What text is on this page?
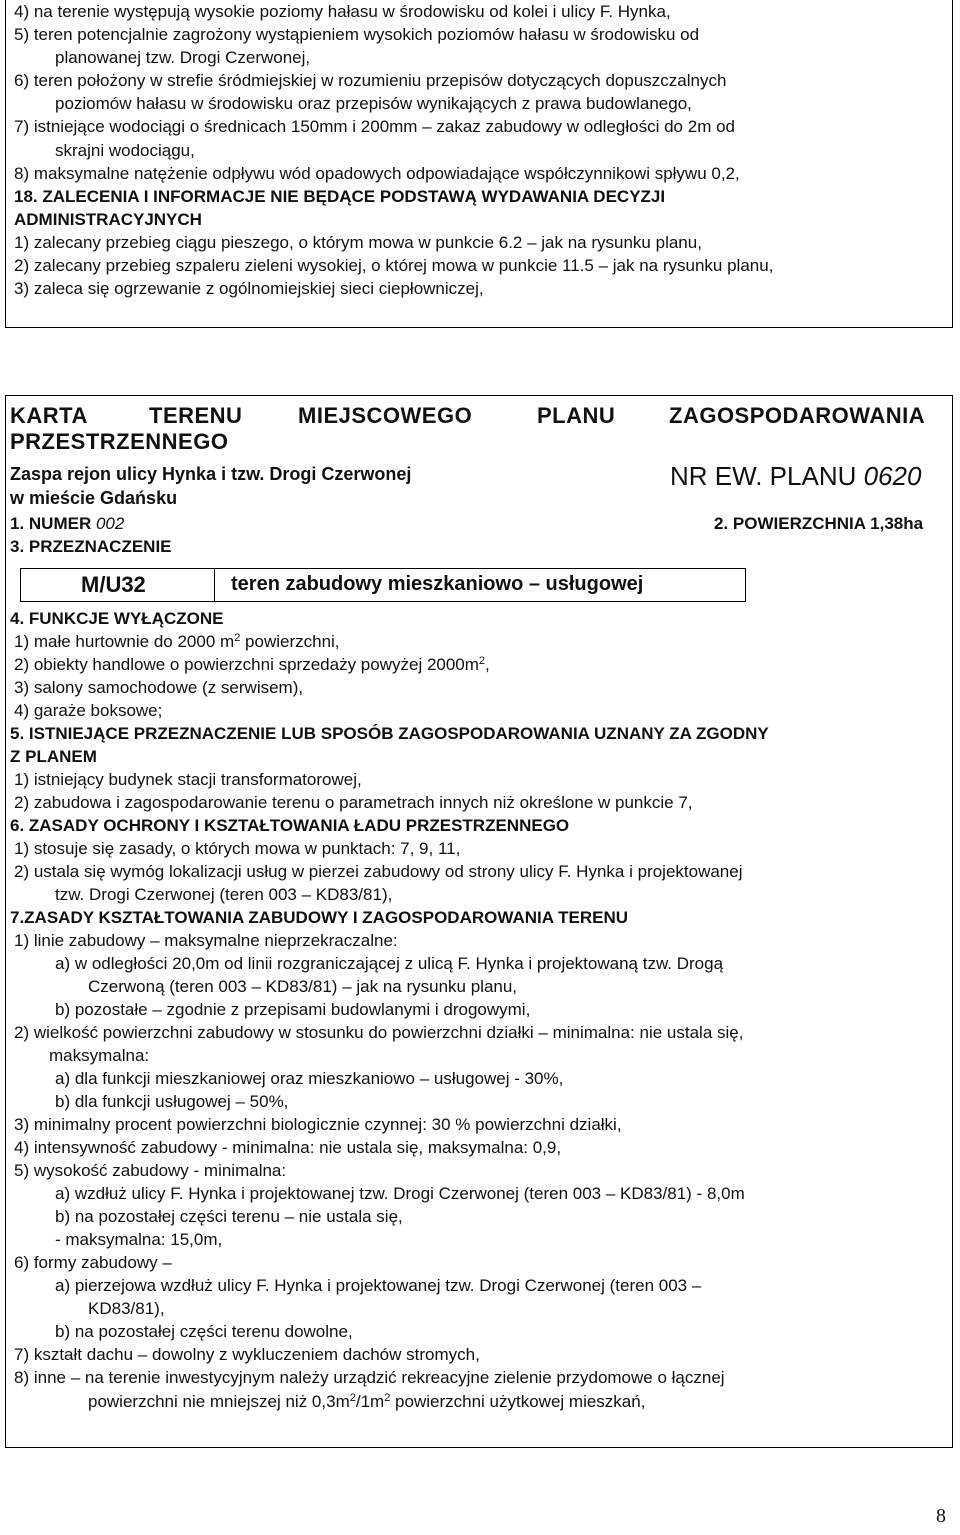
4) na terenie występują wysokie poziomy hałasu w środowisku od kolei i ulicy F. Hynka,
5) teren potencjalnie zagrożony wystąpieniem wysokich poziomów hałasu w środowisku od
planowanej tzw. Drogi Czerwonej,
6) teren położony w strefie śródmiejskiej w rozumieniu przepisów dotyczących dopuszczalnych
poziomów hałasu w środowisku oraz przepisów wynikających z prawa budowlanego,
7) istniejące wodociągi o średnicach 150mm i 200mm – zakaz zabudowy w odległości do 2m od
skrajni wodociągu,
8) maksymalne natężenie odpływu wód opadowych odpowiadające współczynnikowi spływu 0,2,
18. ZALECENIA I INFORMACJE NIE BĘDĄCE PODSTAWĄ WYDAWANIA DECYZJI
ADMINISTRACYJNYCH
1) zalecany przebieg ciągu pieszego, o którym mowa w punkcie 6.2 – jak na rysunku planu,
2) zalecany przebieg szpaleru zieleni wysokiej, o której mowa w punkcie 11.5 – jak na rysunku planu,
3) zaleca się ogrzewanie z ogólnomiejskiej sieci ciepłowniczej,
KARTA	TERENU	MIEJSCOWEGO	PLANU ZAGOSPODAROWANIA
PRZESTRZENNEGO
Zaspa rejon ulicy Hynka i tzw. Drogi Czerwonej
w mieście Gdańsku
NR EW. PLANU 0620
1. NUMER 002	2. POWIERZCHNIA 1,38ha
3. PRZEZNACZENIE
M/U32	teren zabudowy mieszkaniowo – usługowej
4. FUNKCJE WYŁĄCZONE
1) małe hurtownie do 2000 $m^2$ powierzchni,
2) obiekty handlowe o powierzchni sprzedaży powyżej $2000m^2$,
3) salony samochodowe (z serwisem),
4) garaże boksowe;
5. ISTNIEJĄCE PRZEZNACZENIE LUB SPOSÓB ZAGOSPODAROWANIA UZNANY ZA ZGODNY
Z PLANEM
1) istniejący budynek stacji transformatorowej,
2) zabudowa i zagospodarowanie terenu o parametrach innych niż określone w punkcie 7,
6. ZASADY OCHRONY I KSZTAŁTOWANIA ŁADU PRZESTRZENNEGO
1) stosuje się zasady, o których mowa w punktach: 7, 9, 11,
2) ustala się wymóg lokalizacji usług w pierzei zabudowy od strony ulicy F. Hynka i projektowanej
tzw. Drogi Czerwonej (teren 003 – KD83/81),
7.ZASADY KSZTAŁTOWANIA ZABUDOWY I ZAGOSPODAROWANIA TERENU
1) linie zabudowy – maksymalne nieprzekraczalne:
a) w odległości 20,0m od linii rozgraniczającej z ulicą F. Hynka i projektowaną tzw. Drogą
Czerwoną (teren 003 – KD83/81) – jak na rysunku planu,
b) pozostałe – zgodnie z przepisami budowlanymi i drogowymi,
2) wielkość powierzchni zabudowy w stosunku do powierzchni działki – minimalna: nie ustala się,
maksymalna:
a) dla funkcji mieszkaniowej oraz mieszkaniowo – usługowej - 30%,
b) dla funkcji usługowej – 50%,
3) minimalny procent powierzchni biologicznie czynnej: 30 % powierzchni działki,
4) intensywność zabudowy - minimalna: nie ustala się, maksymalna: 0,9,
5) wysokość zabudowy - minimalna:
a) wzdłuż ulicy F. Hynka i projektowanej tzw. Drogi Czerwonej (teren 003 – KD83/81) - 8,0m
b) na pozostałej części terenu – nie ustala się,
- maksymalna: 15,0m,
6) formy zabudowy –
a) pierzejowa wzdłuż ulicy F. Hynka i projektowanej tzw. Drogi Czerwonej (teren 003 –
KD83/81),
b) na pozostałej części terenu dowolne,
7) kształt dachu – dowolny z wykluczeniem dachów stromych,
8) inne – na terenie inwestycyjnym należy urządzić rekreacyjne zielenie przydomowe o łącznej
powierzchni nie mniejszej niż $0,3m^2/1m^2$ powierzchni użytkowej mieszkań,
8
